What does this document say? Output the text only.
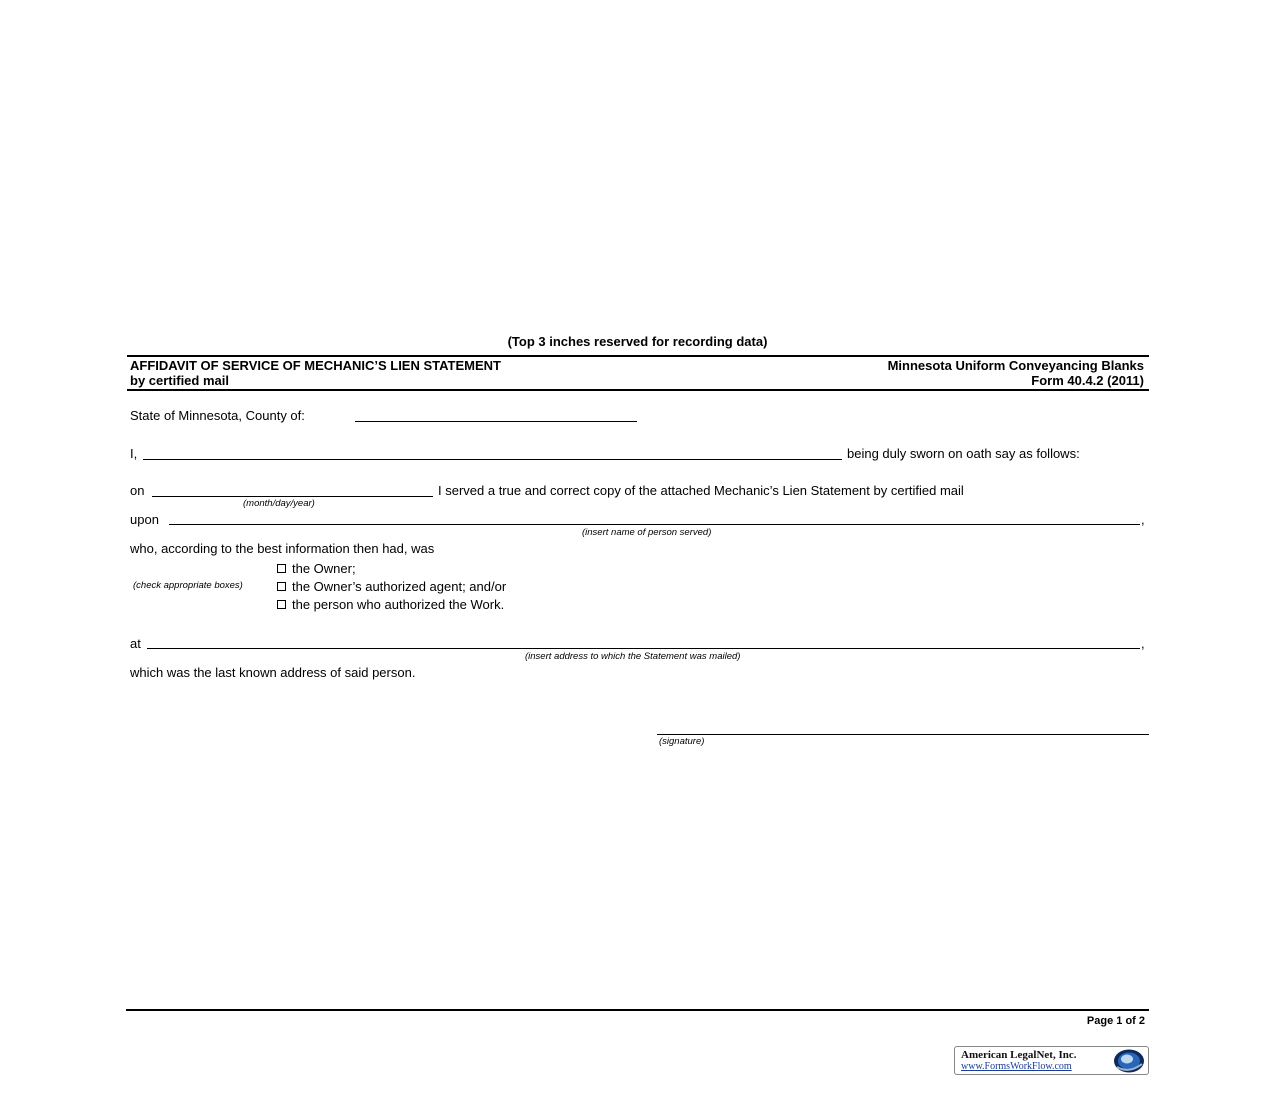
(Top 3 inches reserved for recording data)
AFFIDAVIT OF SERVICE OF MECHANIC’S LIEN STATEMENT
by certified mail
Minnesota Uniform Conveyancing Blanks
Form 40.4.2 (2011)
State of Minnesota, County of:
I,	being duly sworn on oath say as follows:
on	I served a true and correct copy of the attached Mechanic’s Lien Statement by certified mail
(month/day/year)
upon	,
(insert name of person served)
who, according to the best information then had, was
(check appropriate boxes)
the Owner;
the Owner’s authorized agent; and/or
the person who authorized the Work.
at	,
(insert address to which the Statement was mailed)
which was the last known address of said person.
(signature)
Page 1 of 2
American LegalNet, Inc.
www.FormsWorkFlow.com
